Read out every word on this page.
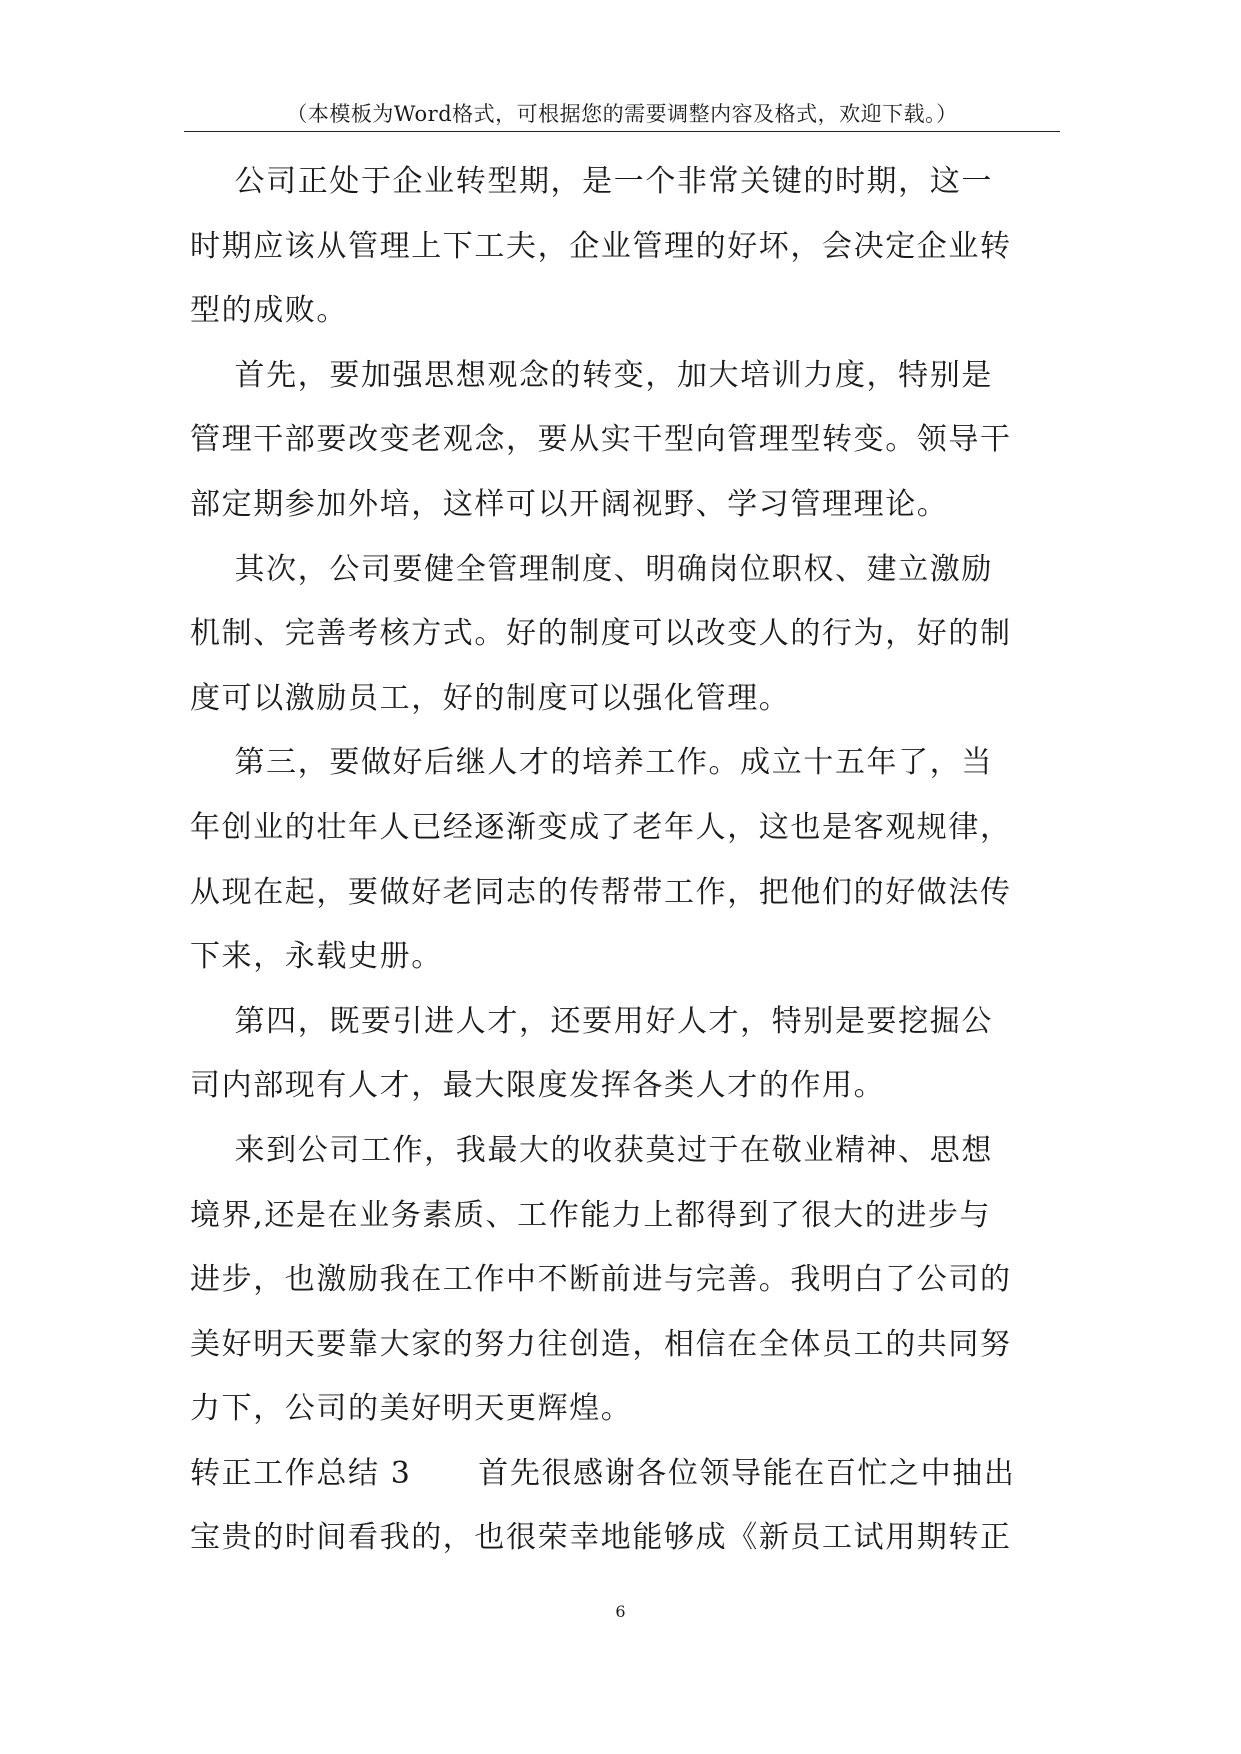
（本模板为Word格式，可根据您的需要调整内容及格式，欢迎下载。）
公司正处于企业转型期，是一个非常关键的时期，这一
时期应该从管理上下工夫，企业管理的好坏，会决定企业转
型的成败。
首先，要加强思想观念的转变，加大培训力度，特别是
管理干部要改变老观念，要从实干型向管理型转变。领导干
部定期参加外培，这样可以开阔视野、学习管理理论。
其次，公司要健全管理制度、明确岗位职权、建立激励
机制、完善考核方式。好的制度可以改变人的行为，好的制
度可以激励员工，好的制度可以强化管理。
第三，要做好后继人才的培养工作。成立十五年了，当
年创业的壮年人已经逐渐变成了老年人，这也是客观规律，
从现在起，要做好老同志的传帮带工作，把他们的好做法传
下来，永载史册。
第四，既要引进人才，还要用好人才，特别是要挖掘公
司内部现有人才，最大限度发挥各类人才的作用。
来到公司工作，我最大的收获莫过于在敬业精神、思想
境界,还是在业务素质、工作能力上都得到了很大的进步与
进步，也激励我在工作中不断前进与完善。我明白了公司的
美好明天要靠大家的努力往创造，相信在全体员工的共同努
力下，公司的美好明天更辉煌。
转正工作总结 3      首先很感谢各位领导能在百忙之中抽出
宝贵的时间看我的，也很荣幸地能够成《新员工试用期转正
6
